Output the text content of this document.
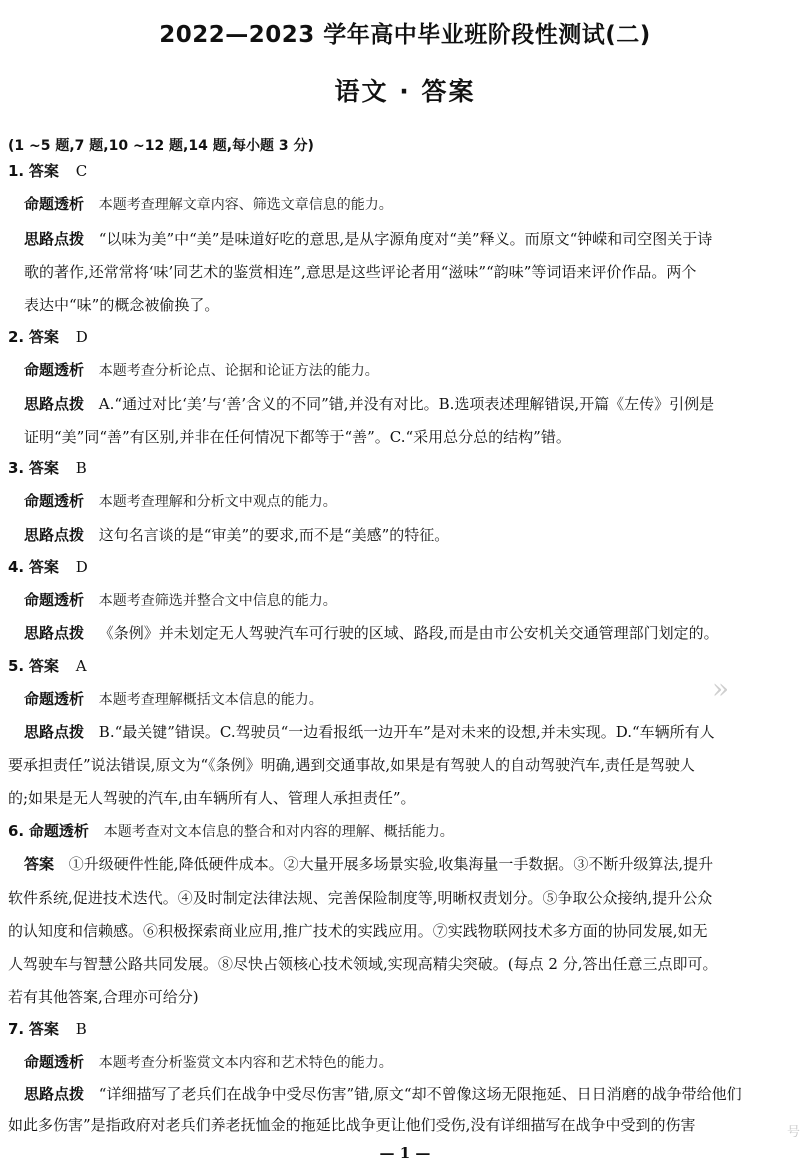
2022—2023 学年高中毕业班阶段性测试(二)
语文 · 答案
(1 ~5 题,7 题,10 ~12 题,14 题,每小题 3 分)
1. 答案 C
命题透析 本题考查理解文章内容、筛选文章信息的能力。
思路点拨 “以味为美”中“美”是味道好吃的意思,是从字源角度对“美”释义。而原文“钟嵘和司空图关于诗
歌的著作,还常常将‘味’同艺术的鉴赏相连”,意思是这些评论者用“滋味”“韵味”等词语来评价作品。两个
表达中“味”的概念被偷换了。
2. 答案 D
命题透析 本题考查分析论点、论据和论证方法的能力。
思路点拨 A.“通过对比‘美’与‘善’含义的不同”错,并没有对比。B.选项表述理解错误,开篇《左传》引例是
证明“美”同“善”有区别,并非在任何情况下都等于“善”。C.“采用总分总的结构”错。
3. 答案 B
命题透析 本题考查理解和分析文中观点的能力。
思路点拨 这句名言谈的是“审美”的要求,而不是“美感”的特征。
4. 答案 D
命题透析 本题考查筛选并整合文中信息的能力。
思路点拨 《条例》并未划定无人驾驶汽车可行驶的区域、路段,而是由市公安机关交通管理部门划定的。
5. 答案 A
命题透析 本题考查理解概括文本信息的能力。
思路点拨 B.“最关键”错误。C.驾驶员“一边看报纸一边开车”是对未来的设想,并未实现。D.“车辆所有人
要承担责任”说法错误,原文为“《条例》明确,遇到交通事故,如果是有驾驶人的自动驾驶汽车,责任是驾驶人
的;如果是无人驾驶的汽车,由车辆所有人、管理人承担责任”。
6. 命题透析 本题考查对文本信息的整合和对内容的理解、概括能力。
答案 ①升级硬件性能,降低硬件成本。②大量开展多场景实验,收集海量一手数据。③不断升级算法,提升
软件系统,促进技术迭代。④及时制定法律法规、完善保险制度等,明晰权责划分。⑤争取公众接纳,提升公众
的认知度和信赖感。⑥积极探索商业应用,推广技术的实践应用。⑦实践物联网技术多方面的协同发展,如无
人驾驶车与智慧公路共同发展。⑧尽快占领核心技术领域,实现高精尖突破。(每点 2 分,答出任意三点即可。
若有其他答案,合理亦可给分)
7. 答案 B
命题透析 本题考查分析鉴赏文本内容和艺术特色的能力。
思路点拨 “详细描写了老兵们在战争中受尽伤害”错,原文“却不曾像这场无限拖延、日日消磨的战争带给他们
如此多伤害”是指政府对老兵们养老抚恤金的拖延比战争更让他们受伤,没有详细描写在战争中受到的伤害
»
号
— 1 —
